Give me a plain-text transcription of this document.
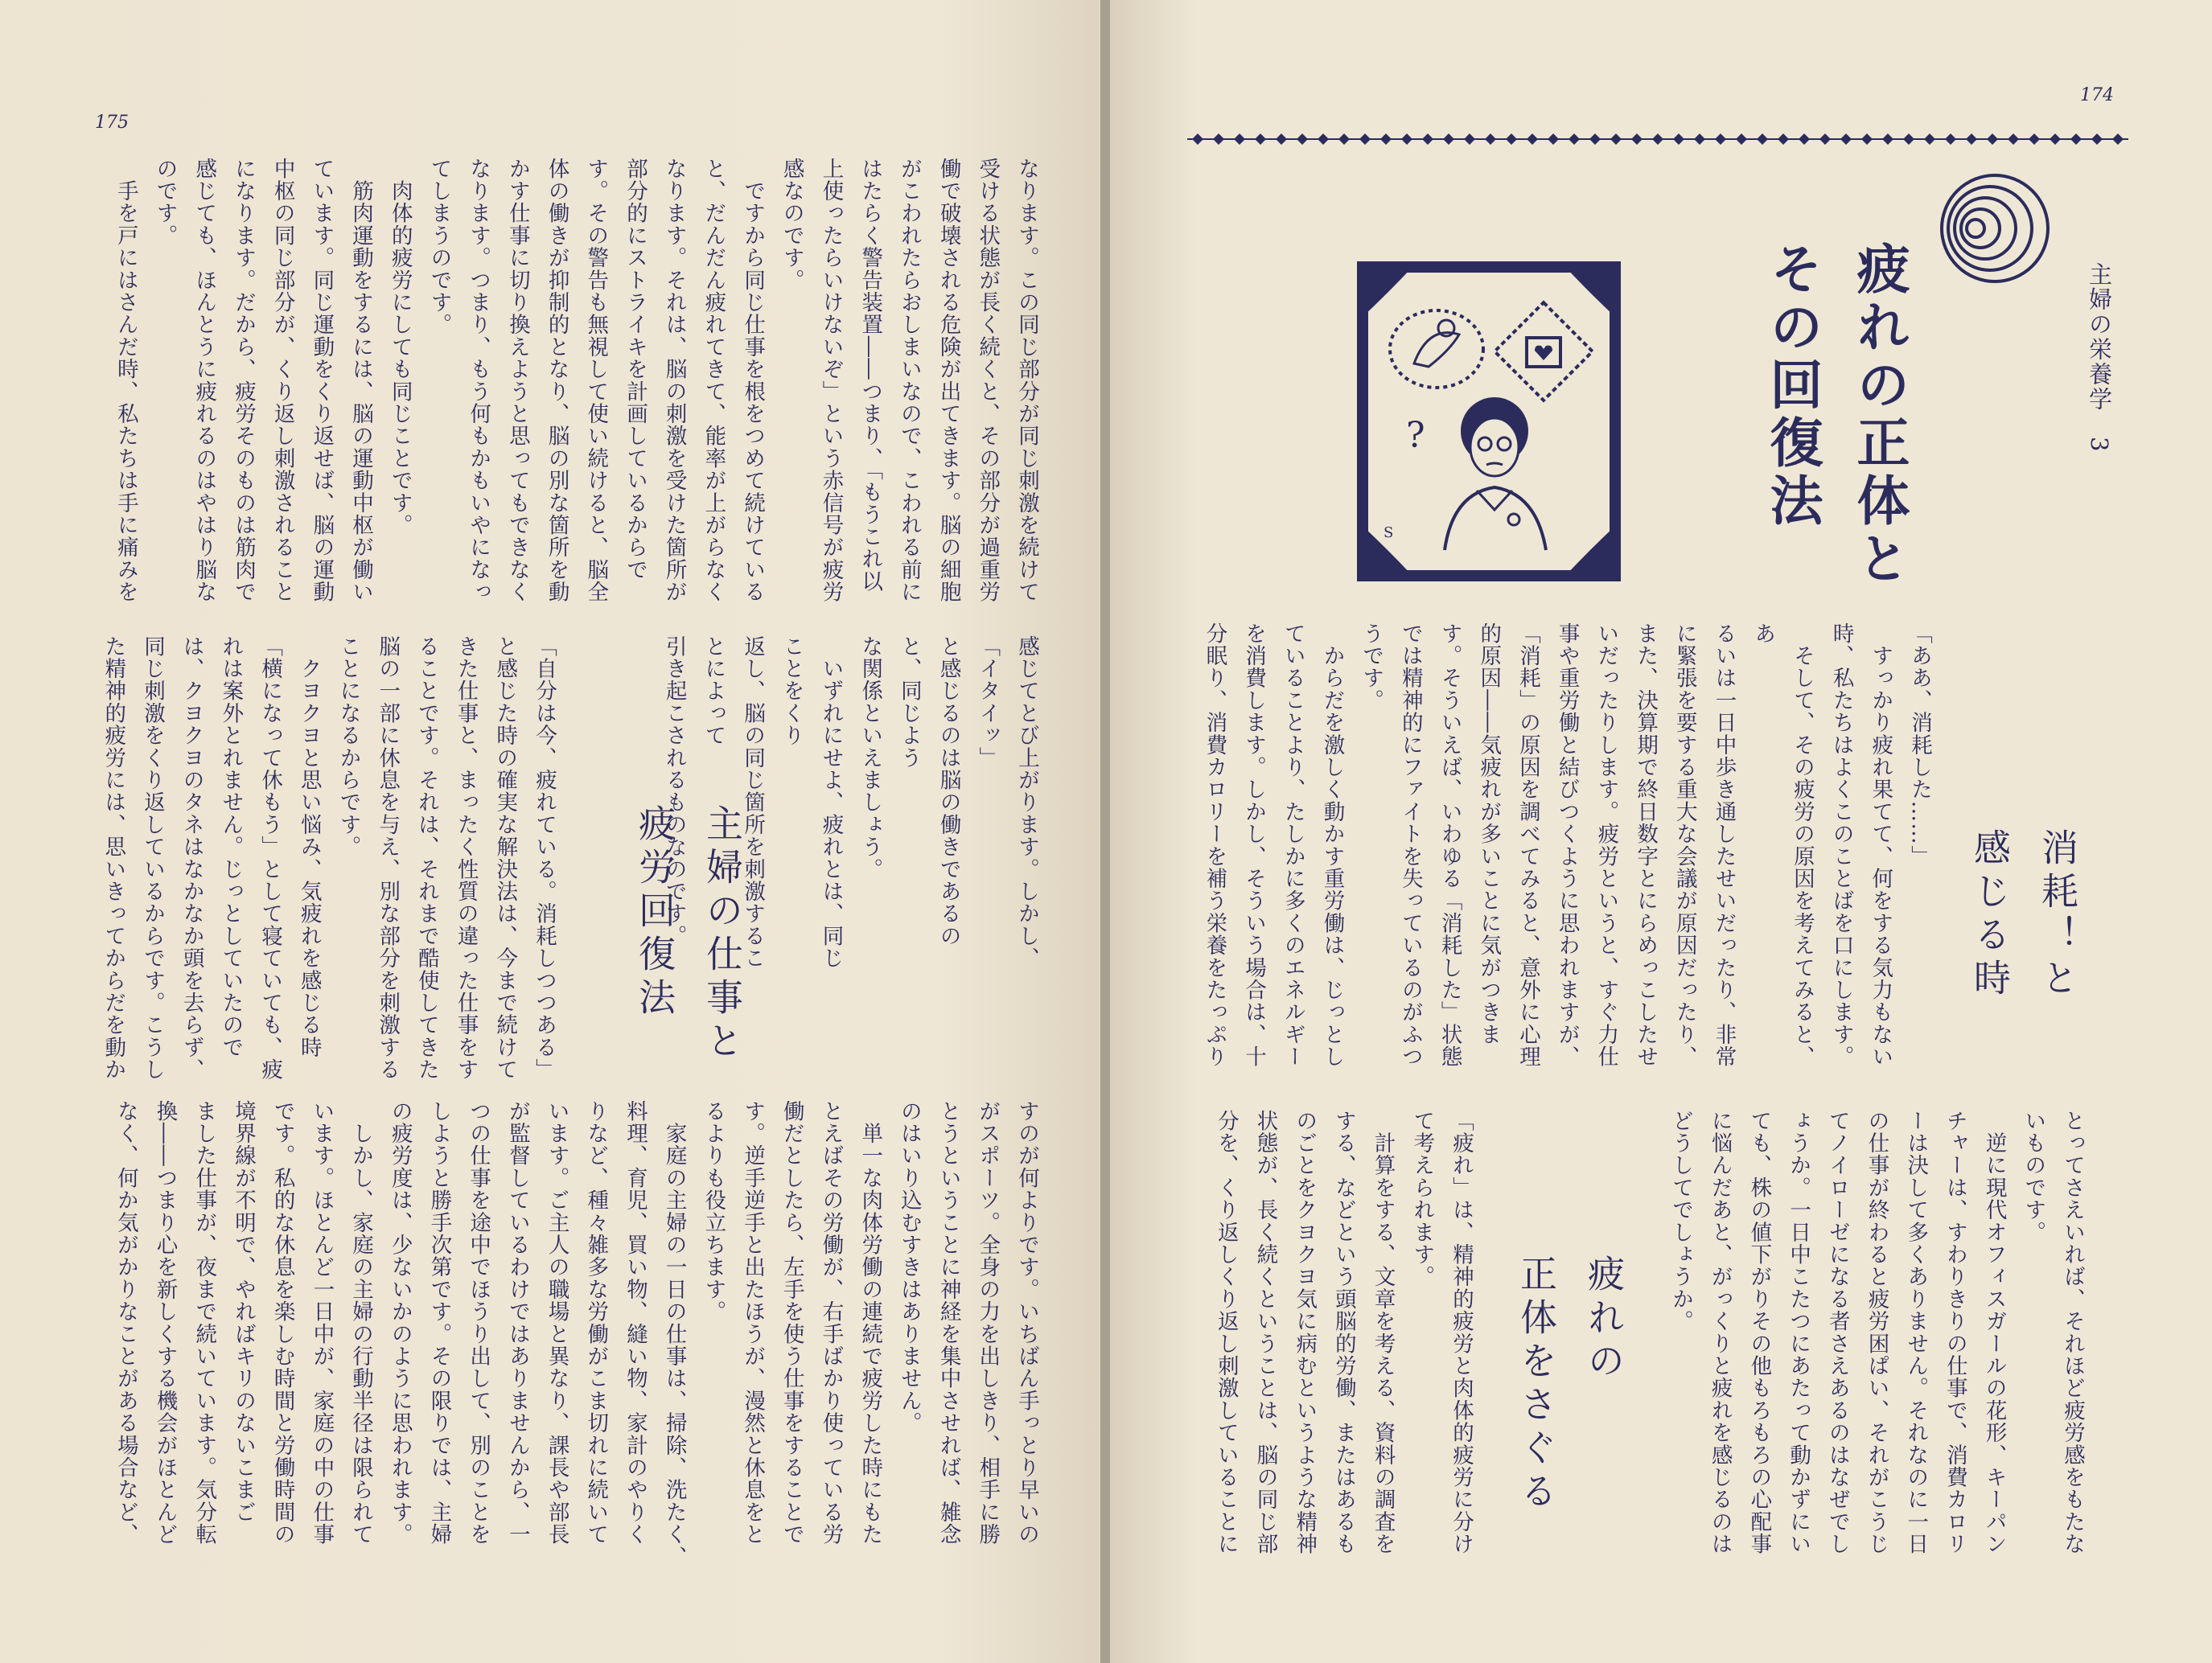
175
なります。この同じ部分が同じ刺激を続けて
受ける状態が長く続くと、その部分が過重労
働で破壊される危険が出てきます。脳の細胞
がこわれたらおしまいなので、こわれる前に
はたらく警告装置――つまり、「もうこれ以
上使ったらいけないぞ」という赤信号が疲労
感なのです。
　ですから同じ仕事を根をつめて続けている
と、だんだん疲れてきて、能率が上がらなく
なります。それは、脳の刺激を受けた箇所が
部分的にストライキを計画しているからで
す。その警告も無視して使い続けると、脳全
体の働きが抑制的となり、脳の別な箇所を動
かす仕事に切り換えようと思ってもできなく
なります。つまり、もう何もかもいやになっ
てしまうのです。
　肉体的疲労にしても同じことです。
　筋肉運動をするには、脳の運動中枢が働い
ています。同じ運動をくり返せば、脳の運動
中枢の同じ部分が、くり返し刺激されること
になります。だから、疲労そのものは筋肉で
感じても、ほんとうに疲れるのはやはり脳な
のです。
　手を戸にはさんだ時、私たちは手に痛みを
感じてとび上がります。しかし、「イタイッ」
と感じるのは脳の働きであるのと、同じよう
な関係といえましょう。
　いずれにせよ、疲れとは、同じことをくり
返し、脳の同じ箇所を刺激することによって
引き起こされるものなのです。 主婦の仕事と
疲労回復法
「自分は今、疲れている。消耗しつつある」
と感じた時の確実な解決法は、今まで続けて
きた仕事と、まったく性質の違った仕事をす
ることです。それは、それまで酷使してきた
脳の一部に休息を与え、別な部分を刺激する
ことになるからです。
　クヨクヨと思い悩み、気疲れを感じる時
「横になって休もう」として寝ていても、疲
れは案外とれません。じっとしていたので
は、クヨクヨのタネはなかなか頭を去らず、
同じ刺激をくり返しているからです。こうし
た精神的疲労には、思いきってからだを動か
すのが何よりです。いちばん手っとり早いの
がスポーツ。全身の力を出しきり、相手に勝
とうということに神経を集中させれば、雑念
のはいり込むすきはありません。
　単一な肉体労働の連続で疲労した時にもた
とえばその労働が、右手ばかり使っている労
働だとしたら、左手を使う仕事をすることで
す。逆手逆手と出たほうが、漫然と休息をと
るよりも役立ちます。
　家庭の主婦の一日の仕事は、掃除、洗たく、
料理、育児、買い物、縫い物、家計のやりく
りなど、種々雑多な労働がこま切れに続いて
います。ご主人の職場と異なり、課長や部長
が監督しているわけではありませんから、一
つの仕事を途中でほうり出して、別のことを
しようと勝手次第です。その限りでは、主婦
の疲労度は、少ないかのように思われます。
　しかし、家庭の主婦の行動半径は限られて
います。ほとんど一日中が、家庭の中の仕事
です。私的な休息を楽しむ時間と労働時間の
境界線が不明で、やればキリのないこまご
ました仕事が、夜まで続いています。気分転
換――つまり心を新しくする機会がほとんど
なく、何か気がかりなことがある場合など、
174
主婦の栄養学　3
疲れの正体と
その回復法
?
S
「ああ、消耗した……」
　すっかり疲れ果てて、何をする気力もない
時、私たちはよくこのことばを口にします。
　そして、その疲労の原因を考えてみると、あ
るいは一日中歩き通したせいだったり、非常
に緊張を要する重大な会議が原因だったり、
また、決算期で終日数字とにらめっこしたせ
いだったりします。疲労というと、すぐ力仕
事や重労働と結びつくように思われますが、
「消耗」の原因を調べてみると、意外に心理
的原因――気疲れが多いことに気がつきま
す。そういえば、いわゆる「消耗した」状態
では精神的にファイトを失っているのがふつ
うです。
　からだを激しく動かす重労働は、じっとし
ていることより、たしかに多くのエネルギー
を消費します。しかし、そういう場合は、十
分眠り、消費カロリーを補う栄養をたっぷり	消耗！と
感じる時
とってさえいれば、それほど疲労感をもたな
いものです。
　逆に現代オフィスガールの花形、キーパン
チャーは、すわりきりの仕事で、消費カロリ
ーは決して多くありません。それなのに一日
の仕事が終わると疲労困ぱい、それがこうじ
てノイローゼになる者さえあるのはなぜでし
ょうか。一日中こたつにあたって動かずにい
ても、株の値下がりその他もろもろの心配事
に悩んだあと、がっくりと疲れを感じるのは
どうしてでしょうか。
疲れの
正体をさぐる
「疲れ」は、精神的疲労と肉体的疲労に分け
て考えられます。
　計算をする、文章を考える、資料の調査を
する、などという頭脳的労働、またはあるも
のごとをクヨクヨ気に病むというような精神
状態が、長く続くということは、脳の同じ部
分を、くり返しくり返し刺激していることに
